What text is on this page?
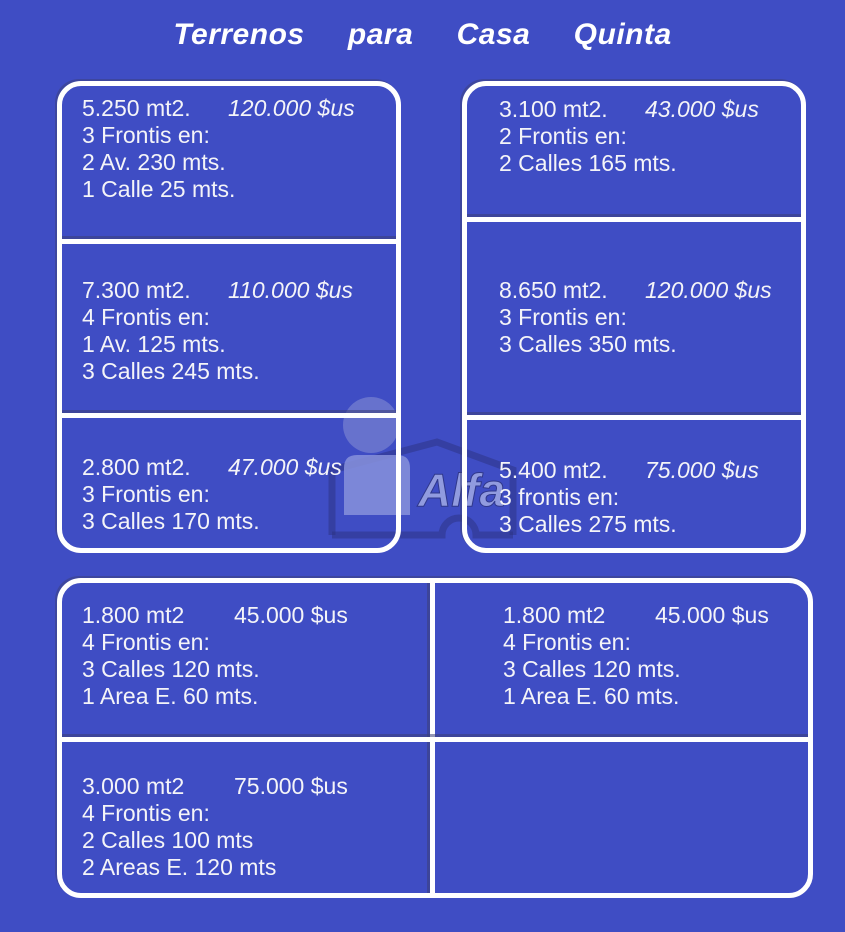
Terrenos para Casa Quinta
Alfa
5.250 mt2. 120.000 $us
3 Frontis en:
2 Av. 230 mts.
1 Calle 25 mts.
7.300 mt2. 110.000 $us
4 Frontis en:
1 Av. 125 mts.
3 Calles 245 mts.
2.800 mt2. 47.000 $us
3 Frontis en:
3 Calles 170 mts.
3.100 mt2. 43.000 $us
2 Frontis en:
2 Calles 165 mts.
8.650 mt2. 120.000 $us
3 Frontis en:
3 Calles 350 mts.
5.400 mt2. 75.000 $us
3 frontis en:
3 Calles 275 mts.
1.800 mt2 45.000 $us
4 Frontis en:
3 Calles 120 mts.
1 Area E. 60 mts.
1.800 mt2 45.000 $us
4 Frontis en:
3 Calles 120 mts.
1 Area E. 60 mts.
3.000 mt2 75.000 $us
4 Frontis en:
2 Calles 100 mts
2 Areas E. 120 mts
